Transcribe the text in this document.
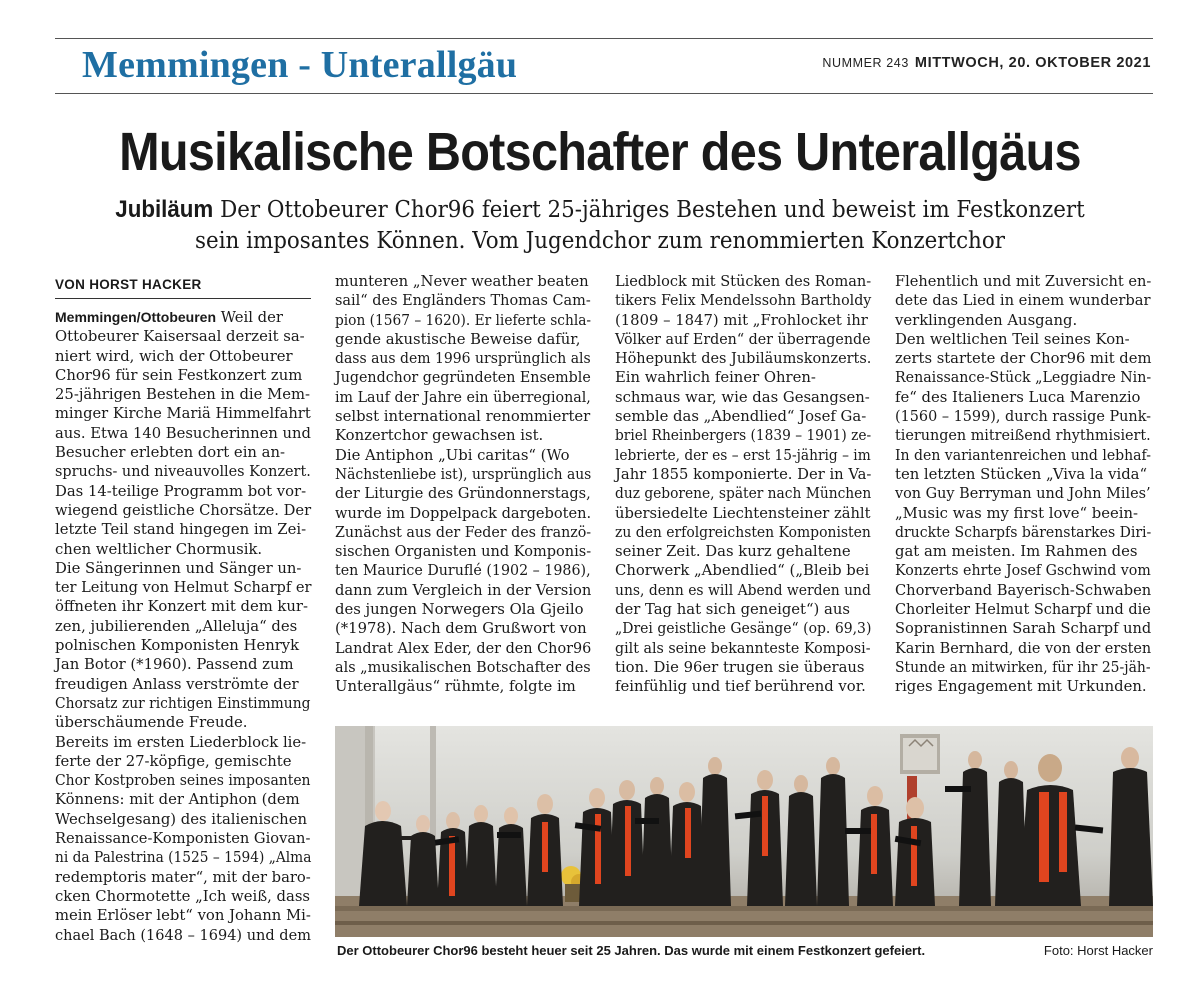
Memmingen - Unterallgäu	NUMMER 243 MITTWOCH, 20. OKTOBER 2021
Musikalische Botschafter des Unterallgäus
Jubiläum Der Ottobeurer Chor96 feiert 25-jähriges Bestehen und beweist im Festkonzert
sein imposantes Können. Vom Jugendchor zum renommierten Konzertchor
VON HORST HACKER
Memmingen/Ottobeuren Weil der
Ottobeurer Kaisersaal derzeit sa-
niert wird, wich der Ottobeurer
Chor96 für sein Festkonzert zum
25-jährigen Bestehen in die Mem-
minger Kirche Mariä Himmelfahrt
aus. Etwa 140 Besucherinnen und
Besucher erlebten dort ein an-
spruchs- und niveauvolles Konzert.
Das 14-teilige Programm bot vor-
wiegend geistliche Chorsätze. Der
letzte Teil stand hingegen im Zei-
chen weltlicher Chormusik.
Die Sängerinnen und Sänger un-
ter Leitung von Helmut Scharpf er
öffneten ihr Konzert mit dem kur-
zen, jubilierenden „Alleluja“ des
polnischen Komponisten Henryk
Jan Botor (*1960). Passend zum
freudigen Anlass verströmte der
Chorsatz zur richtigen Einstimmung
überschäumende Freude.
Bereits im ersten Liederblock lie-
ferte der 27-köpfige, gemischte
Chor Kostproben seines imposanten
Könnens: mit der Antiphon (dem
Wechselgesang) des italienischen
Renaissance-Komponisten Giovan-
ni da Palestrina (1525 – 1594) „Alma
redemptoris mater“, mit der baro-
cken Chormotette „Ich weiß, dass
mein Erlöser lebt“ von Johann Mi-
chael Bach (1648 – 1694) und dem
munteren „Never weather beaten
sail“ des Engländers Thomas Cam-
pion (1567 – 1620). Er lieferte schla-
gende akustische Beweise dafür,
dass aus dem 1996 ursprünglich als
Jugendchor gegründeten Ensemble
im Lauf der Jahre ein überregional,
selbst international renommierter
Konzertchor gewachsen ist.
Die Antiphon „Ubi caritas“ (Wo
Nächstenliebe ist), ursprünglich aus
der Liturgie des Gründonnerstags,
wurde im Doppelpack dargeboten.
Zunächst aus der Feder des franzö-
sischen Organisten und Komponis-
ten Maurice Duruflé (1902 – 1986),
dann zum Vergleich in der Version
des jungen Norwegers Ola Gjeilo
(*1978). Nach dem Grußwort von
Landrat Alex Eder, der den Chor96
als „musikalischen Botschafter des
Unterallgäus“ rühmte, folgte im
Liedblock mit Stücken des Roman-
tikers Felix Mendelssohn Bartholdy
(1809 – 1847) mit „Frohlocket ihr
Völker auf Erden“ der überragende
Höhepunkt des Jubiläumskonzerts.
Ein wahrlich feiner Ohren-
schmaus war, wie das Gesangsen-
semble das „Abendlied“ Josef Ga-
briel Rheinbergers (1839 – 1901) ze-
lebrierte, der es – erst 15-jährig – im
Jahr 1855 komponierte. Der in Va-
duz geborene, später nach München
übersiedelte Liechtensteiner zählt
zu den erfolgreichsten Komponisten
seiner Zeit. Das kurz gehaltene
Chorwerk „Abendlied“ („Bleib bei
uns, denn es will Abend werden und
der Tag hat sich geneiget“) aus
„Drei geistliche Gesänge“ (op. 69,3)
gilt als seine bekannteste Komposi-
tion. Die 96er trugen sie überaus
feinfühlig und tief berührend vor.
Flehentlich und mit Zuversicht en-
dete das Lied in einem wunderbar
verklingenden Ausgang.
Den weltlichen Teil seines Kon-
zerts startete der Chor96 mit dem
Renaissance-Stück „Leggiadre Nin-
fe“ des Italieners Luca Marenzio
(1560 – 1599), durch rassige Punk-
tierungen mitreißend rhythmisiert.
In den variantenreichen und lebhaf-
ten letzten Stücken „Viva la vida“
von Guy Berryman und John Miles’
„Music was my first love“ beein-
druckte Scharpfs bärenstarkes Diri-
gat am meisten. Im Rahmen des
Konzerts ehrte Josef Gschwind vom
Chorverband Bayerisch-Schwaben
Chorleiter Helmut Scharpf und die
Sopranistinnen Sarah Scharpf und
Karin Bernhard, die von der ersten
Stunde an mitwirken, für ihr 25-jäh-
riges Engagement mit Urkunden.
Der Ottobeurer Chor96 besteht heuer seit 25 Jahren. Das wurde mit einem Festkonzert gefeiert.	Foto: Horst Hacker
